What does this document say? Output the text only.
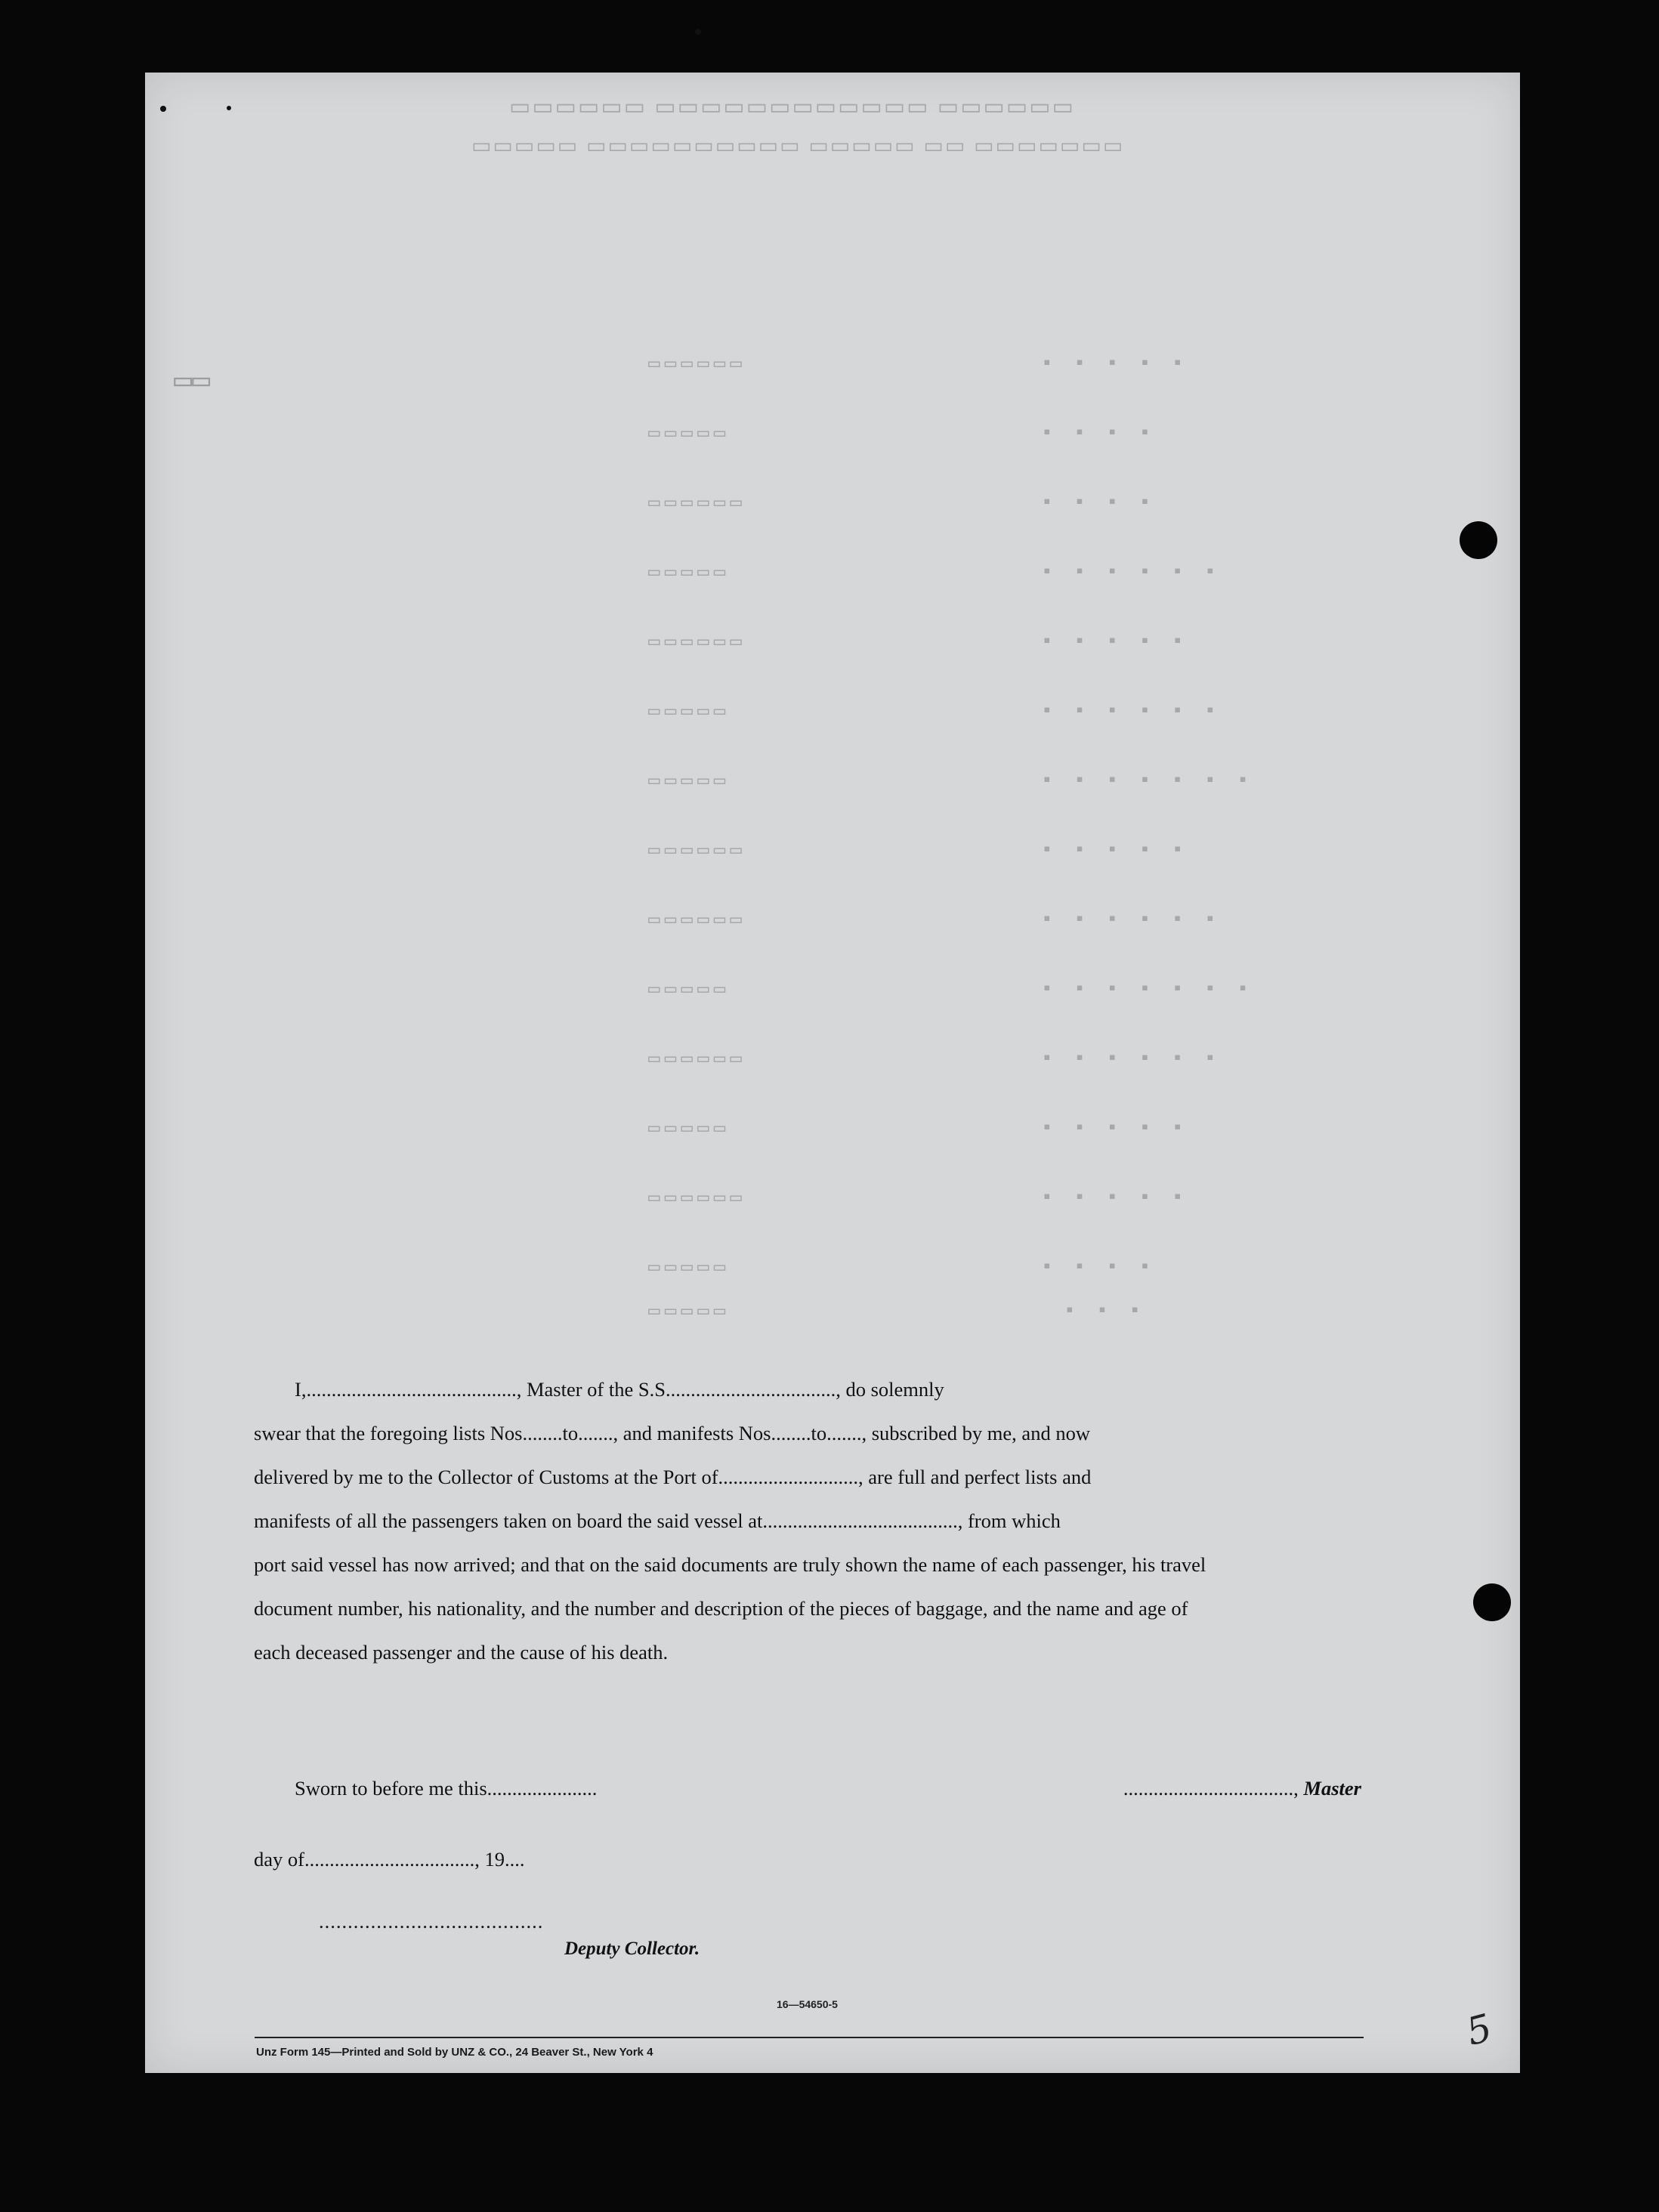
▭▭▭▭▭▭ ▭▭▭▭▭▭▭▭▭▭▭▭ ▭▭▭▭▭▭
▭▭▭▭▭▭▭ ▭▭ ▭▭▭▭▭ ▭▭▭▭▭▭▭▭▭▭ ▭▭▭▭▭
▭▭
▪ ▪ ▪ ▪ ▪
▭▭▭▭▭▭
▪ ▪ ▪ ▪
▭▭▭▭▭
▪ ▪ ▪ ▪
▭▭▭▭▭▭
▪ ▪ ▪ ▪ ▪ ▪
▭▭▭▭▭
▪ ▪ ▪ ▪ ▪
▭▭▭▭▭▭
▪ ▪ ▪ ▪ ▪ ▪
▭▭▭▭▭
▪ ▪ ▪ ▪ ▪ ▪ ▪
▭▭▭▭▭
▪ ▪ ▪ ▪ ▪
▭▭▭▭▭▭
▪ ▪ ▪ ▪ ▪ ▪
▭▭▭▭▭▭
▪ ▪ ▪ ▪ ▪ ▪ ▪
▭▭▭▭▭
▪ ▪ ▪ ▪ ▪ ▪
▭▭▭▭▭▭
▪ ▪ ▪ ▪ ▪
▭▭▭▭▭
▪ ▪ ▪ ▪ ▪
▭▭▭▭▭▭
▪ ▪ ▪ ▪
▭▭▭▭▭
▪ ▪ ▪
▭▭▭▭▭

I,.........................................., Master of the S.S.................................., do solemnly

swear that the foregoing lists Nos........to......., and manifests Nos........to......., subscribed by me, and now
delivered by me to the Collector of Customs at the Port of............................, are full and perfect lists and
manifests of all the passengers taken on board the said vessel at......................................., from which
port said vessel has now arrived; and that on the said documents are truly shown the name of each passenger, his travel
document number, his nationality, and the number and description of the pieces of baggage, and the name and age of
each deceased passenger and the cause of his death.
Sworn to before me this......................	.................................., Master
day of.................................., 19....
.......................................
Deputy Collector.
16—54650-5
Unz Form 145—Printed and Sold by UNZ & CO., 24 Beaver St., New York 4	5
